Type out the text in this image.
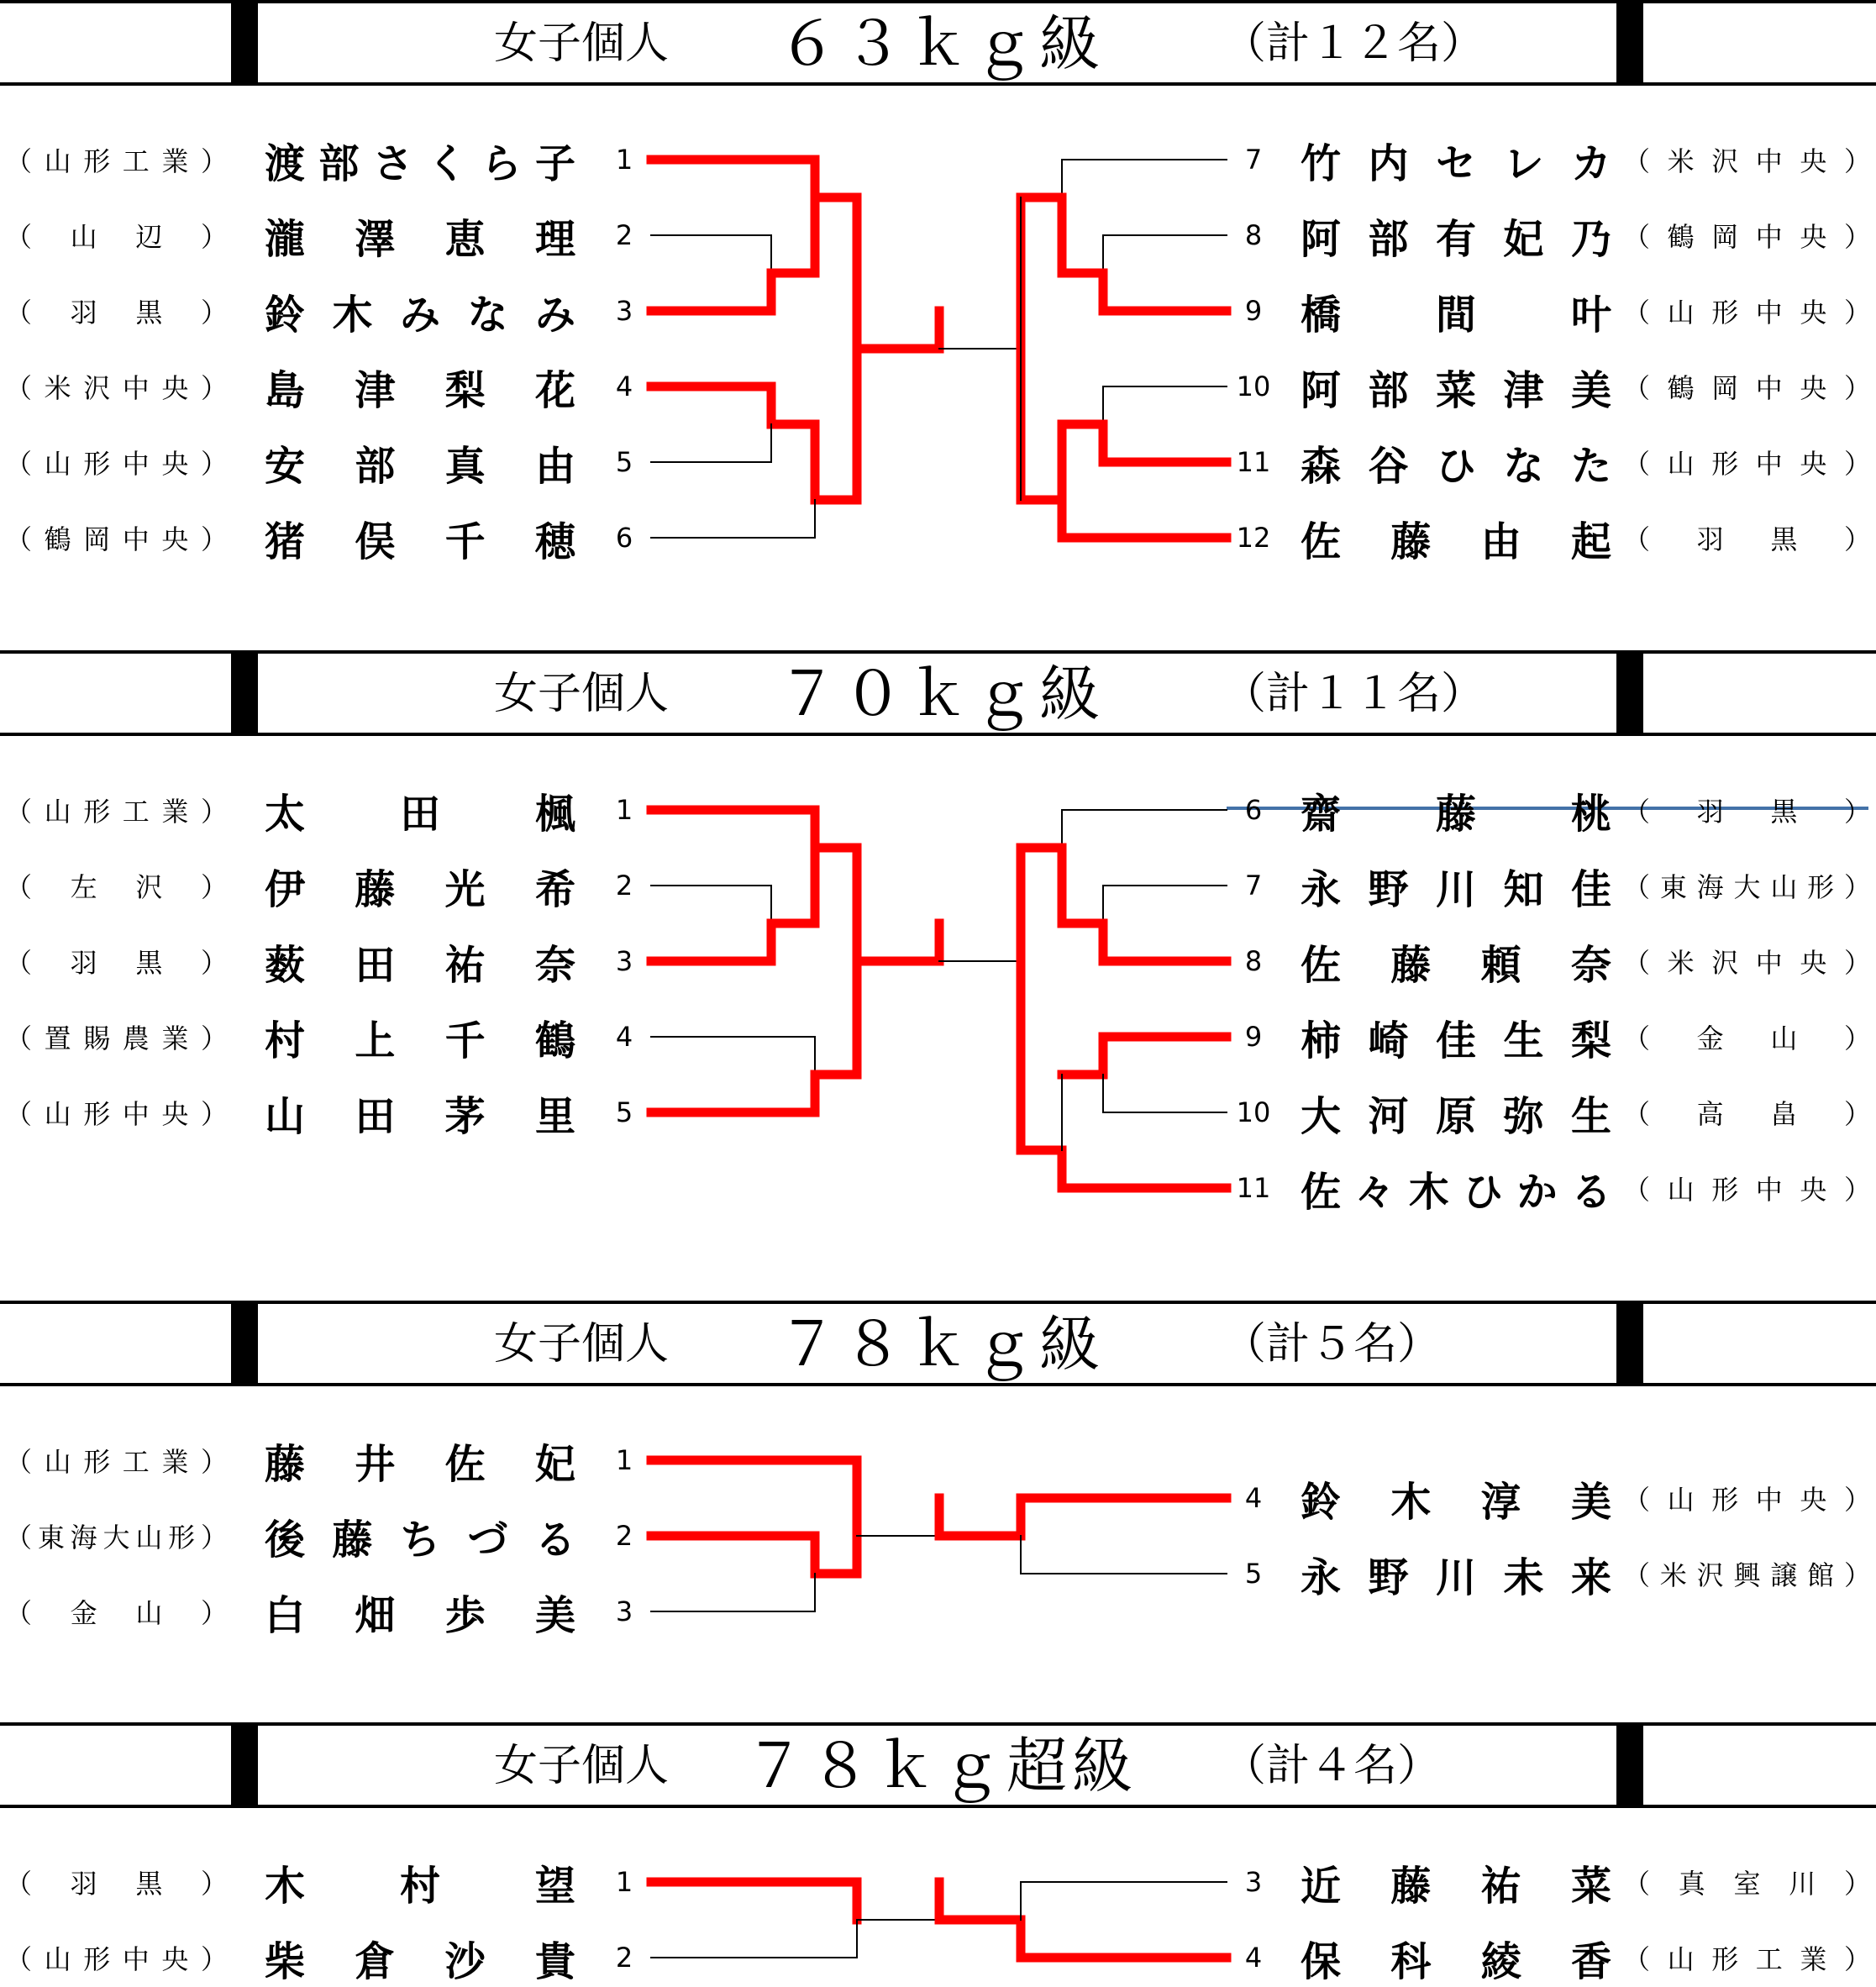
女子個人 ６３ｋｇ級	（計１２名）
女子個人 ７０ｋｇ級	（計１１名）
女子個人 ７８ｋｇ級	（計５名）
女子個人 ７８ｋｇ超級 （計４名）
（ 山 形 工 業 ） 渡 部 さ く ら 子 1
（ 山 辺 ） 瀧 澤 恵 理 2
（ 羽 黒 ） 鈴 木 み な み 3
（ 米 沢 中 央 ） 島 津 梨 花 4
（ 山 形 中 央 ） 安 部 真 由 5
（ 鶴 岡 中 央 ） 猪 俣 千 穂 6
7 竹 内 セ レ カ （ 米 沢 中 央 ）
8 阿 部 有 妃 乃 （ 鶴 岡 中 央 ）
9 橋 間 叶 （ 山 形 中 央 ）
10 阿 部 菜 津 美 （ 鶴 岡 中 央 ）
11 森 谷 ひ な た （ 山 形 中 央 ）
12 佐 藤 由 起 （ 羽 黒 ）
（ 山 形 工 業 ） 太 田 楓 1
（ 左 沢 ） 伊 藤 光 希 2
（ 羽 黒 ） 薮 田 祐 奈 3
（ 置 賜 農 業 ） 村 上 千 鶴 4
（ 山 形 中 央 ） 山 田 茅 里 5
6 齋 藤 桃 （ 羽 黒 ）
7 永 野 川 知 佳 （ 東 海 大 山 形 ）
8 佐 藤 頼 奈 （ 米 沢 中 央 ）
9 柿 崎 佳 生 梨 （ 金 山 ）
10 大 河 原 弥 生 （ 高 畠 ）
11 佐 々 木 ひ か る （ 山 形 中 央 ）
（ 山 形 工 業 ） 藤 井 佐 妃 1
（ 東 海 大 山 形 ） 後 藤 ち づ る 2
（ 金 山 ） 白 畑 歩 美 3
4 鈴 木 淳 美 （ 山 形 中 央 ）
5 永 野 川 未 来 （ 米 沢 興 譲 館 ）
（ 羽 黒 ） 木 村 望 1
（ 山 形 中 央 ） 柴 倉 沙 貴 2
3 近 藤 祐 菜 （ 真 室 川 ）
4 保 科 綾 香 （ 山 形 工 業 ）
